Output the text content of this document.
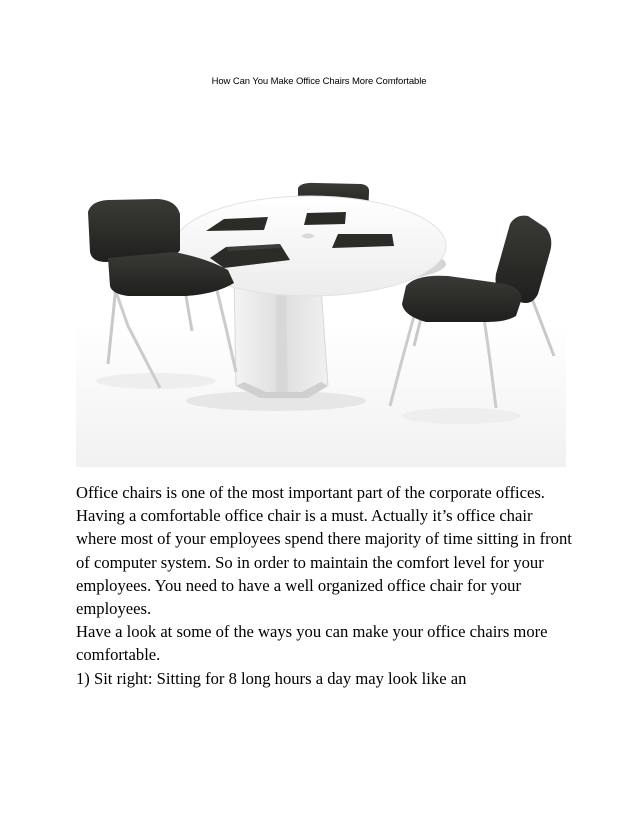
How Can You Make Office Chairs More Comfortable

Office chairs is one of the most important part of the corporate offices. Having a comfortable office chair is a must. Actually it’s office chair where most of your employees spend there majority of time sitting in front of computer system. So in order to maintain the comfort level for your employees. You need to have a well organized office chair for your employees.

Have a look at some of the ways you can make your office chairs more comfortable.

1) Sit right: Sitting for 8 long hours a day may look like an
